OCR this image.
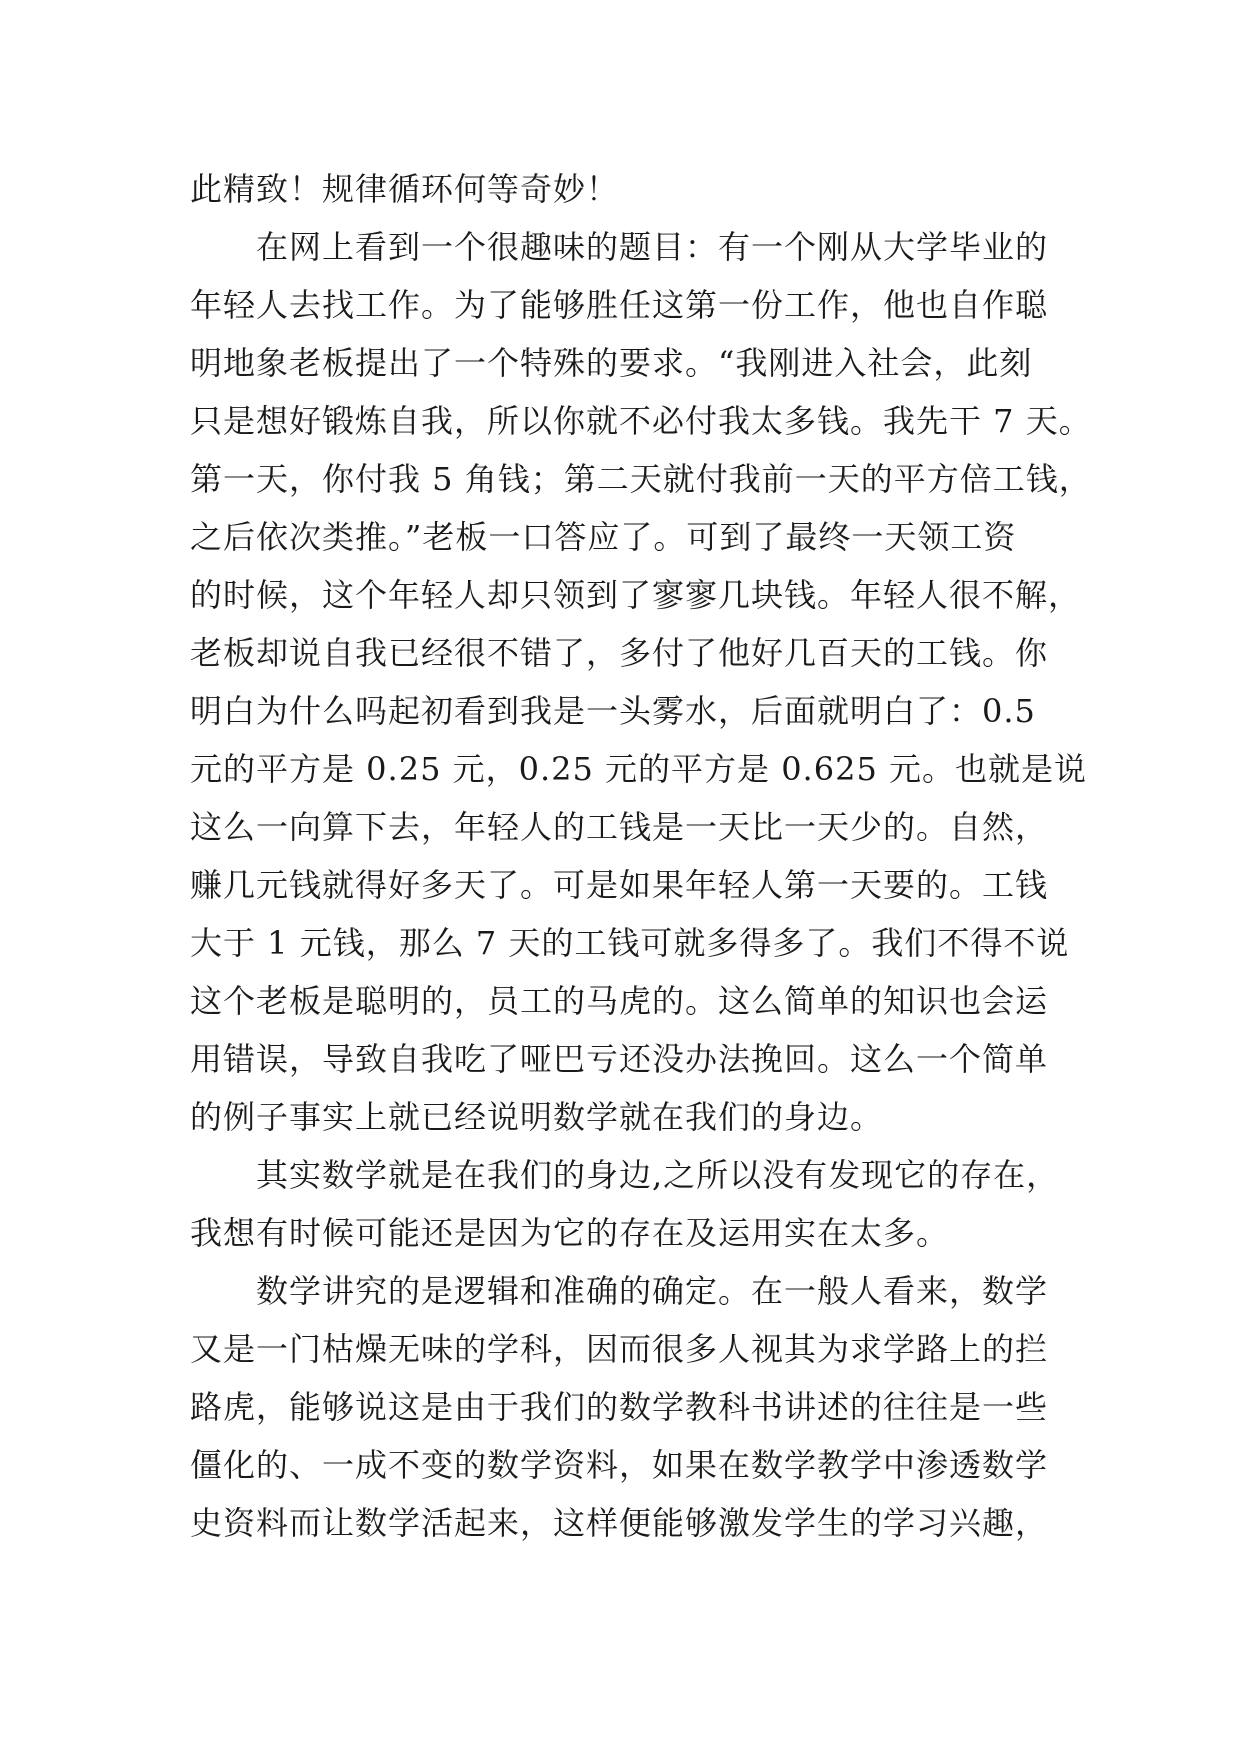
此精致！规律循环何等奇妙！
在网上看到一个很趣味的题目：有一个刚从大学毕业的
年轻人去找工作。为了能够胜任这第一份工作，他也自作聪
明地象老板提出了一个特殊的要求。“我刚进入社会，此刻
只是想好锻炼自我，所以你就不必付我太多钱。我先干 7 天。
第一天，你付我 5 角钱；第二天就付我前一天的平方倍工钱，
之后依次类推。”老板一口答应了。可到了最终一天领工资
的时候，这个年轻人却只领到了寥寥几块钱。年轻人很不解，
老板却说自我已经很不错了，多付了他好几百天的工钱。你
明白为什么吗起初看到我是一头雾水，后面就明白了：0.5
元的平方是 0.25 元，0.25 元的平方是 0.625 元。也就是说
这么一向算下去，年轻人的工钱是一天比一天少的。自然，
赚几元钱就得好多天了。可是如果年轻人第一天要的。工钱
大于 1 元钱，那么 7 天的工钱可就多得多了。我们不得不说
这个老板是聪明的，员工的马虎的。这么简单的知识也会运
用错误，导致自我吃了哑巴亏还没办法挽回。这么一个简单
的例子事实上就已经说明数学就在我们的身边。
其实数学就是在我们的身边,之所以没有发现它的存在，
我想有时候可能还是因为它的存在及运用实在太多。
数学讲究的是逻辑和准确的确定。在一般人看来，数学
又是一门枯燥无味的学科，因而很多人视其为求学路上的拦
路虎，能够说这是由于我们的数学教科书讲述的往往是一些
僵化的、一成不变的数学资料，如果在数学教学中渗透数学
史资料而让数学活起来，这样便能够激发学生的学习兴趣，
